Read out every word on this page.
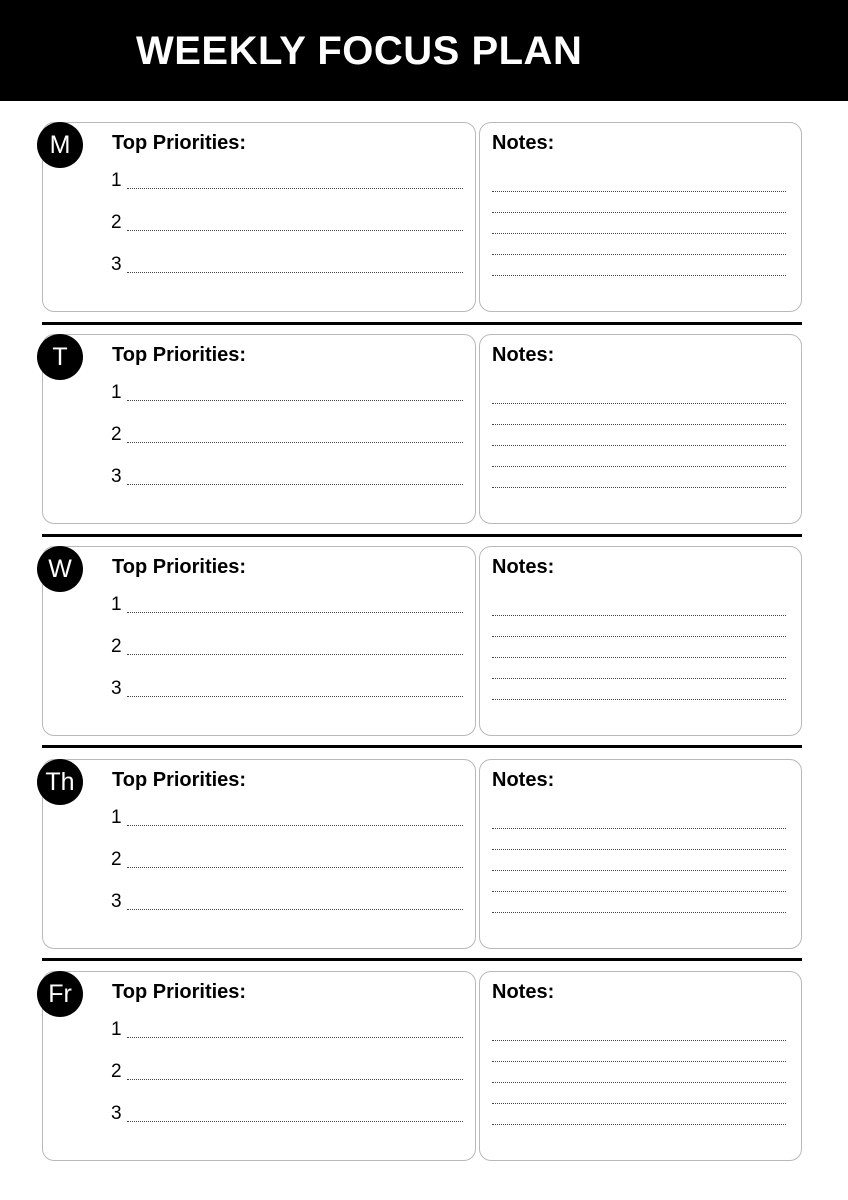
WEEKLY FOCUS PLAN
Top Priorities:
1
2
3
Notes:
M
Top Priorities:
1
2
3
Notes:
T
Top Priorities:
1
2
3
Notes:
W
Top Priorities:
1
2
3
Notes:
Th
Top Priorities:
1
2
3
Notes:
Fr
